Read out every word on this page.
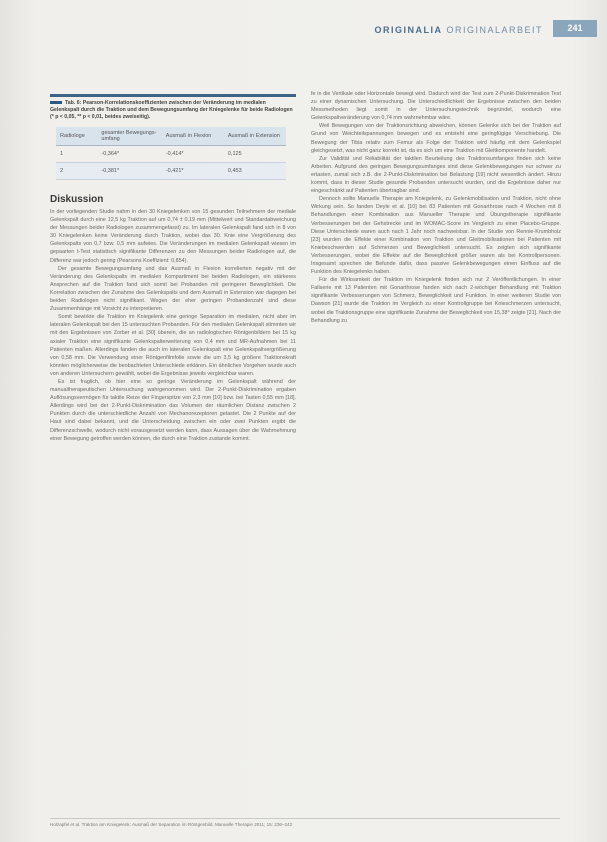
ORIGINALIA ORIGINALARBEIT	241
Tab. 6: Pearson-Korrelationskoeffizienten zwischen der Veränderung im medialen Gelenkspalt durch die Traktion und dem Bewegungsumfang der Kniegelenke für beide Radiologen (* p < 0,05, ** p < 0,01, beides zweiseitig).
Radiologe	gesamter Bewegungs-umfang	Ausmaß in Flexion	Ausmaß in Extension
1	-0,364*	-0,414*	0,125
2	-0,381*	-0,421*	0,453
Diskussion

In der vorliegenden Studie nahm in den 30 Kniegelenken von 15 gesunden Teilnehmern der mediale Gelenkspalt durch eine 12,5 kg Traktion auf um 0,74 ± 0,19 mm (Mittelwert und Standardabweichung der Messungen beider Radiologen zusammengefasst) zu. Im lateralen Gelenkspalt fand sich in 8 von 30 Kniegelenken keine Veränderung durch Traktion, wobei das 30. Knie eine Vergrößerung des Gelenkspalts von 0,7 bzw. 0,5 mm aufwies. Die Veränderungen im medialen Gelenkspalt wiesen im gepaarten t-Test statistisch signifikante Differenzen zu den Messungen beider Radiologen auf, die Differenz war jedoch gering (Pearsons Koeffizient: 0,854).

Der gesamte Bewegungsumfang und das Ausmaß in Flexion korrelierten negativ mit der Veränderung des Gelenkspalts im medialen Kompartiment bei beiden Radiologen, ein stärkeres Ansprechen auf die Traktion fand sich somit bei Probanden mit geringerer Beweglichkeit. Die Korrelation zwischen der Zunahme des Gelenkspalts und dem Ausmaß in Extension war dagegen bei beiden Radiologen nicht signifikant. Wegen der eher geringen Probandenzahl sind diese Zusammenhänge mit Vorsicht zu interpretieren.

Somit bewirkte die Traktion im Kniegelenk eine geringe Separation im medialen, nicht aber im lateralen Gelenkspalt bei den 15 untersuchten Probanden. Für den medialen Gelenkspalt stimmten wir mit den Ergebnissen von Zorber et al. [30] überein, die an radiologischen Röntgenbildern bei 15 kg axialer Traktion eine signifikante Gelenkspalterweiterung von 0,4 mm und MR-Aufnahmen bei 11 Patienten maßen. Allerdings fanden die auch im lateralen Gelenkspalt eine Gelenkspaltvergrößerung von 0,58 mm. Die Verwendung einer Röntgenfilmfolie sowie die um 3,5 kg größere Traktionskraft könnten möglicherweise die beobachteten Unterschiede erklären. Ein ähnliches Vorgehen wurde auch von anderen Untersuchern gewählt, wobei die Ergebnisse jeweils vergleichbar waren.

Es ist fraglich, ob hier eine so geringe Veränderung im Gelenkspalt während der manualtherapeutischen Untersuchung wahrgenommen wird. Der 2-Punkt-Diskrimination ergaben Auflösungsvermögen für taktile Reize der Fingerspitze von 2,3 mm [10] bzw. bei Tasten 0,55 mm [18]. Allerdings wird bei der 2-Punkt-Diskrimination das Volumen der räumlichen Distanz zwischen 2 Punkten durch die unterschiedliche Anzahl von Mechanorezeptoren getastet. Die 2 Punkte auf der Haut sind dabei bekannt, und die Unterscheidung zwischen ein oder zwei Punkten ergibt die Differenzschwelle, wodurch nicht vorausgesetzt werden kann, dass Aussagen über die Wahrnehmung einer Bewegung getroffen werden können, die durch eine Traktion zustande kommt.

fe in die Vertikale oder Horizontale bewegt wird. Dadurch wird der Test zum 2-Punkt-Diskrimination Test zu einer dynamischen Untersuchung. Die Unterschiedlichkeit der Ergebnisse zwischen den beiden Messmethoden liegt somit in der Untersuchungstechnik begründet, wodurch eine Gelenkspaltveränderung von 0,74 mm wahrnehmbar wäre.

Weil Bewegungen von der Traktionsrichtung abweichen, können Gelenke sich bei der Traktion auf Grund von Weichteilspannungen bewegen und es entsteht eine geringfügige Verschiebung. Die Bewegung der Tibia relativ zum Femur als Folge der Traktion wird häufig mit dem Gelenkspiel gleichgesetzt, was nicht ganz korrekt ist, da es sich um eine Traktion mit Gleitkomponente handelt.

Zur Validität und Reliabilität der taktilen Beurteilung des Traktionsumfanges finden sich keine Arbeiten. Aufgrund des geringen Bewegungsumfanges sind diese Gelenkbewegungen nur schwer zu ertasten, zumal sich z.B. die 2-Punkt-Diskrimination bei Belastung [19] nicht wesentlich ändert. Hinzu kommt, dass in dieser Studie gesunde Probanden untersucht wurden, und die Ergebnisse daher nur eingeschränkt auf Patienten übertragbar sind.

Dennoch sollte Manuelle Therapie am Kniegelenk, zu Gelenkmobilisation und Traktion, nicht ohne Wirkung sein. So fanden Deyle et al. [10] bei 83 Patienten mit Gonarthrose nach 4 Wochen mit 8 Behandlungen einer Kombination aus Manueller Therapie und Übungstherapie signifikante Verbesserungen bei der Gehstrecke und im WOMAC-Score im Vergleich zu einer Placebo-Gruppe. Diese Unterschiede waren auch nach 1 Jahr noch nachweisbar. In der Studie von Rennie-Krumbholz [23] wurden die Effekte einer Kombination von Traktion und Gleitmobilisationen bei Patienten mit Kniebeschwerden auf Schmerzen und Beweglichkeit untersucht. Es zeigten sich signifikante Verbesserungen, wobei die Effekte auf die Beweglichkeit größer waren als bei Kontrollpersonen. Insgesamt sprechen die Befunde dafür, dass passive Gelenkbewegungen einen Einfluss auf die Funktion des Kniegelenks haben.

Für die Wirksamkeit der Traktion im Kniegelenk finden sich nur 2 Veröffentlichungen. In einer Fallserie mit 13 Patienten mit Gonarthrose fanden sich nach 2-wöchiger Behandlung mit Traktion signifikante Verbesserungen von Schmerz, Beweglichkeit und Funktion. In einer weiteren Studie von Dawson [21] wurde die Traktion im Vergleich zu einer Kontrollgruppe bei Knieschmerzen untersucht, wobei die Traktionsgruppe eine signifikante Zunahme der Beweglichkeit von 15,38° zeigte [21]. Nach der Behandlung zu

Holzapfel et al. Traktion am Kniegelenk: Ausmaß der Separation im Röntgenbild. Manuelle Therapie 2011; 15: 236–242
